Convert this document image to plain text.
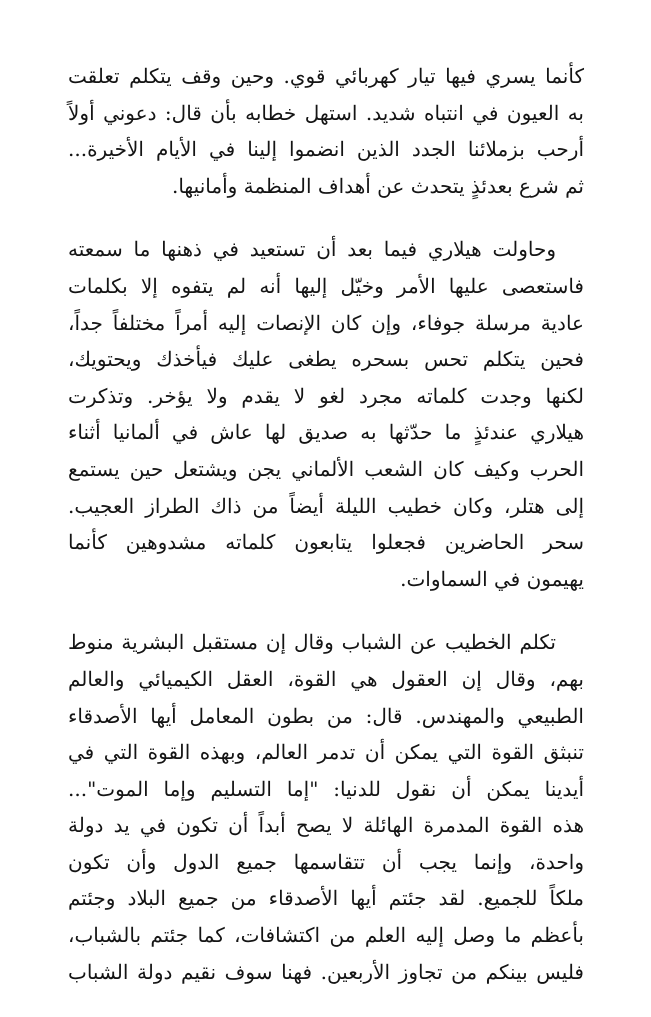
كأنما يسري فيها تيار كهربائي قوي. وحين وقف يتكلم تعلقت
به العيون في انتباه شديد. استهل خطابه بأن قال: دعوني أولاً
أرحب بزملائنا الجدد الذين انضموا إلينا في الأيام الأخيرة...
ثم شرع بعدئذٍ يتحدث عن أهداف المنظمة وأمانيها.
وحاولت هيلاري فيما بعد أن تستعيد في ذهنها ما سمعته
فاستعصى عليها الأمر وخيّل إليها أنه لم يتفوه إلا بكلمات
عادية مرسلة جوفاء، وإن كان الإنصات إليه أمراً مختلفاً جداً،
فحين يتكلم تحس بسحره يطغى عليك فيأخذك ويحتويك،
لكنها وجدت كلماته مجرد لغو لا يقدم ولا يؤخر. وتذكرت
هيلاري عندئذٍ ما حدّثها به صديق لها عاش في ألمانيا أثناء
الحرب وكيف كان الشعب الألماني يجن ويشتعل حين يستمع
إلى هتلر، وكان خطيب الليلة أيضاً من ذاك الطراز العجيب.
سحر الحاضرين فجعلوا يتابعون كلماته مشدوهين كأنما
يهيمون في السماوات.
تكلم الخطيب عن الشباب وقال إن مستقبل البشرية منوط
بهم، وقال إن العقول هي القوة، العقل الكيميائي والعالم
الطبيعي والمهندس. قال: من بطون المعامل أيها الأصدقاء
تنبثق القوة التي يمكن أن تدمر العالم، وبهذه القوة التي في
أيدينا يمكن أن نقول للدنيا: "إما التسليم وإما الموت"...
هذه القوة المدمرة الهائلة لا يصح أبداً أن تكون في يد دولة
واحدة، وإنما يجب أن تتقاسمها جميع الدول وأن تكون
ملكاً للجميع. لقد جئتم أيها الأصدقاء من جميع البلاد وجئتم
بأعظم ما وصل إليه العلم من اكتشافات، كما جئتم بالشباب،
فليس بينكم من تجاوز الأربعين. فهنا سوف نقيم دولة الشباب
